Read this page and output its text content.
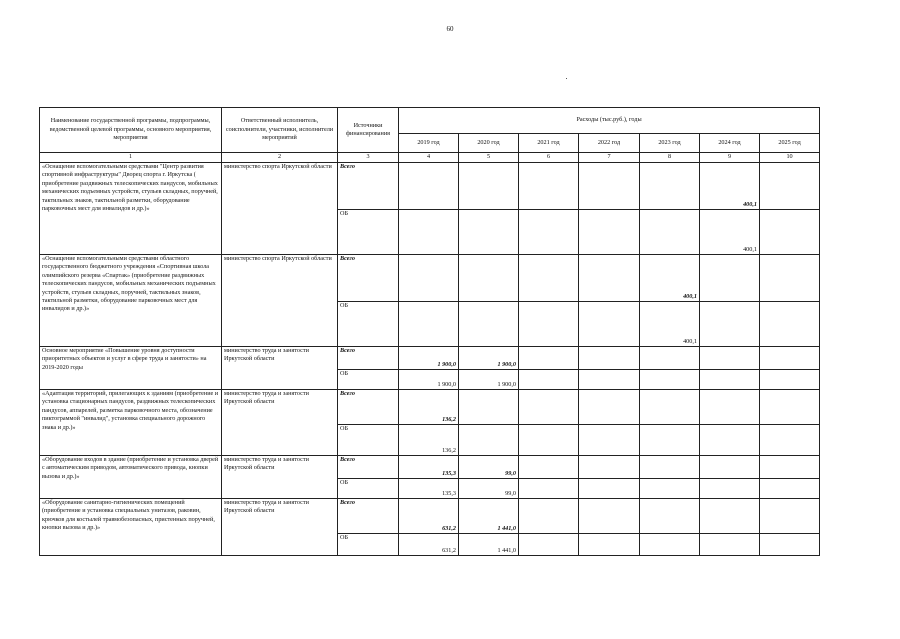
60
Наименование государственной программы, подпрограммы, ведомственной целевой программы, основного мероприятия, мероприятия	Ответственный исполнитель, соисполнители, участники, исполнители мероприятий	Источники финансирования	Расходы (тыс.руб.), годы						
			2019 год	2020 год	2021 год	2022 год	2023 год	2024 год	2025 год
1	2	3	4	5	6	7	8	9	10
«Оснащение вспомогательными средствами "Центр развития спортивной инфраструктуры" Дворец спорта г. Иркутска ( приобретение раздвижных телескопических пандусов, мобильных механических подъемных устройств, стульев складных, поручней, тактильных знаков, тактильной разметки, оборудование парковочных мест для инвалидов и др.)»	министерство спорта Иркутской области	Всего						400,1	
		ОБ						400,1	
«Оснащение вспомогательными средствами областного государственного бюджетного учреждения «Спортивная школа олимпийского резерва «Спартак» (приобретение раздвижных телескопических пандусов, мобильных механических подъемных устройств, стульев складных, поручней, тактильных знаков, тактильной разметки, оборудование парковочных мест для инвалидов и др.)»	министерство спорта Иркутской области	Всего					400,1		
		ОБ					400,1		
Основное мероприятие «Повышение уровня доступности приоритетных объектов и услуг в сфере труда и занятости» на 2019-2020 годы	министерство труда и занятости Иркутской области	Всего	1 900,0	1 900,0					
		ОБ	1 900,0	1 900,0					
«Адаптация территорий, прилегающих к зданиям (приобретение и установка стационарных пандусов, раздвижных телескопических пандусов, аппарелей, разметка парковочного места, обозначение пиктограммой "инвалид", установка специального дорожного знака и др.)»	министерство труда и занятости Иркутской области	Всего	136,2						
		ОБ	136,2						
«Оборудование входов в здание (приобретение и установка дверей с автоматическим приводом, автоматического привода, кнопки вызова и др.)»	министерство труда и занятости Иркутской области	Всего	135,3	99,0					
		ОБ	135,3	99,0					
«Оборудование санитарно-гигиенических помещений (приобретение и установка специальных унитазов, раковин, крючков для костылей травмобезопасных, пристенных поручней, кнопки вызова и др.)»	министерство труда и занятости Иркутской области	Всего	631,2	1 441,0					
		ОБ	631,2	1 441,0					
